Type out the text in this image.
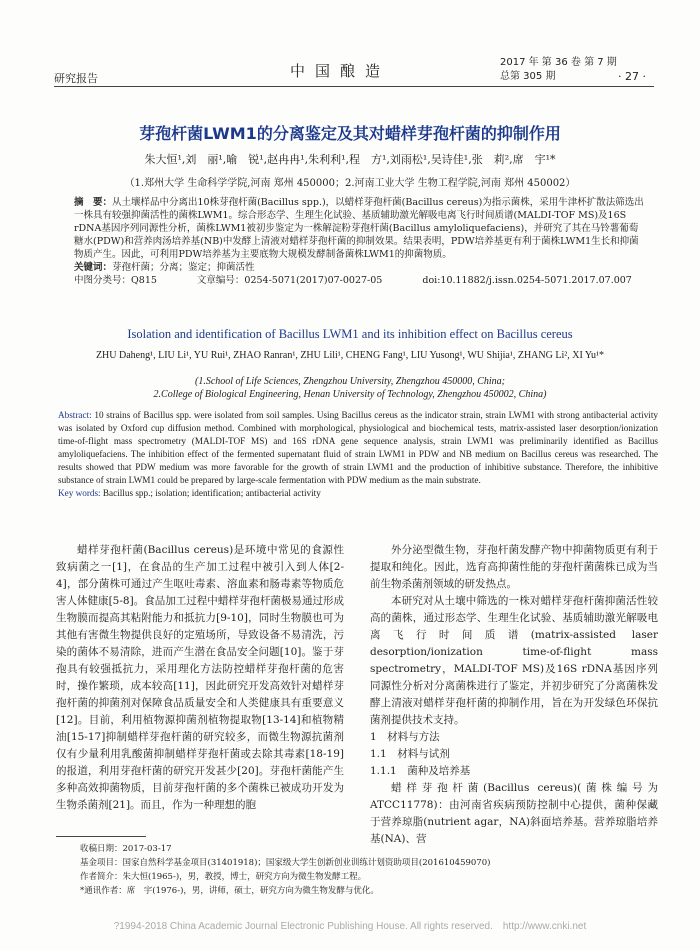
研究报告	中国酿造	2017 年 第 36 卷 第 7 期
总第 305 期	· 27 ·
芽孢杆菌LWM1的分离鉴定及其对蜡样芽孢杆菌的抑制作用
朱大恒¹,刘　丽¹,喻　锐¹,赵冉冉¹,朱利利¹,程　方¹,刘雨松¹,吴诗佳¹,张　莉²,席　宇¹*
（1.郑州大学 生命科学学院,河南 郑州 450000；2.河南工业大学 生物工程学院,河南 郑州 450002）
摘　要：从土壤样品中分离出10株芽孢杆菌(Bacillus spp.)，以蜡样芽孢杆菌(Bacillus cereus)为指示菌株，采用牛津杯扩散法筛选出一株具有较强抑菌活性的菌株LWM1。综合形态学、生理生化试验、基质辅助激光解吸电离飞行时间质谱(MALDI-TOF MS)及16S rDNA基因序列同源性分析，菌株LWM1被初步鉴定为一株解淀粉芽孢杆菌(Bacillus amyloliquefaciens)，并研究了其在马铃薯葡萄糖水(PDW)和营养肉汤培养基(NB)中发酵上清液对蜡样芽孢杆菌的抑制效果。结果表明，PDW培养基更有利于菌株LWM1生长和抑菌物质产生。因此，可利用PDW培养基为主要底物大规模发酵制备菌株LWM1的抑菌物质。
关键词：芽孢杆菌；分离；鉴定；抑菌活性
中图分类号：Q815	文章编号：0254-5071(2017)07-0027-05	doi:10.11882/j.issn.0254-5071.2017.07.007
Isolation and identification of Bacillus LWM1 and its inhibition effect on Bacillus cereus
ZHU Daheng¹, LIU Li¹, YU Rui¹, ZHAO Ranran¹, ZHU Lili¹, CHENG Fang¹, LIU Yusong¹, WU Shijia¹, ZHANG Li², XI Yu¹*
(1.School of Life Sciences, Zhengzhou University, Zhengzhou 450000, China;
2.College of Biological Engineering, Henan University of Technology, Zhengzhou 450002, China)
Abstract: 10 strains of Bacillus spp. were isolated from soil samples. Using Bacillus cereus as the indicator strain, strain LWM1 with strong antibacterial activity was isolated by Oxford cup diffusion method. Combined with morphological, physiological and biochemical tests, matrix-assisted laser desorption/ionization time-of-flight mass spectrometry (MALDI-TOF MS) and 16S rDNA gene sequence analysis, strain LWM1 was preliminarily identified as Bacillus amyloliquefaciens. The inhibition effect of the fermented supernatant fluid of strain LWM1 in PDW and NB medium on Bacillus cereus was researched. The results showed that PDW medium was more favorable for the growth of strain LWM1 and the production of inhibitive substance. Therefore, the inhibitive substance of strain LWM1 could be prepared by large-scale fermentation with PDW medium as the main substrate.
Key words: Bacillus spp.; isolation; identification; antibacterial activity

蜡样芽孢杆菌(Bacillus cereus)是环境中常见的食源性致病菌之一[1]，在食品的生产加工过程中被引入到人体[2-4]，部分菌株可通过产生呕吐毒素、溶血素和肠毒素等物质危害人体健康[5-8]。食品加工过程中蜡样芽孢杆菌极易通过形成生物膜而提高其粘附能力和抵抗力[9-10]，同时生物膜也可为其他有害微生物提供良好的定殖场所，导致设备不易清洗，污染的菌体不易清除，进而产生潜在食品安全问题[10]。鉴于芽孢具有较强抵抗力，采用理化方法防控蜡样芽孢杆菌的危害时，操作繁琐，成本较高[11]，因此研究开发高效针对蜡样芽孢杆菌的抑菌剂对保障食品质量安全和人类健康具有重要意义[12]。目前，利用植物源抑菌剂植物提取物[13-14]和植物精油[15-17]抑制蜡样芽孢杆菌的研究较多，而微生物源抗菌剂仅有少量利用乳酸菌抑制蜡样芽孢杆菌或去除其毒素[18-19]的报道，利用芽孢杆菌的研究开发甚少[20]。芽孢杆菌能产生多种高效抑菌物质，目前芽孢杆菌的多个菌株已被成功开发为生物杀菌剂[21]。而且，作为一种理想的胞

外分泌型微生物，芽孢杆菌发酵产物中抑菌物质更有利于提取和纯化。因此，选育高抑菌性能的芽孢杆菌菌株已成为当前生物杀菌剂领域的研发热点。

本研究对从土壤中筛选的一株对蜡样芽孢杆菌抑菌活性较高的菌株，通过形态学、生理生化试验、基质辅助激光解吸电离飞行时间质谱(matrix-assisted laser desorption/ionization time-of-flight mass spectrometry，MALDI-TOF MS)及16S rDNA基因序列同源性分析对分离菌株进行了鉴定，并初步研究了分离菌株发酵上清液对蜡样芽孢杆菌的抑制作用，旨在为开发绿色环保抗菌剂提供技术支持。

1　材料与方法

1.1　材料与试剂

1.1.1　菌种及培养基

蜡样芽孢杆菌(Bacillus cereus)(菌株编号为ATCC11778)：由河南省疾病预防控制中心提供，菌种保藏于营养琼脂(nutrient agar，NA)斜面培养基。营养琼脂培养基(NA)、营

收稿日期：2017-03-17
基金项目：国家自然科学基金项目(31401918)；国家级大学生创新创业训练计划资助项目(201610459070)
作者简介：朱大恒(1965-)，男，教授，博士，研究方向为微生物发酵工程。
*通讯作者：席　宇(1976-)，男，讲师，硕士，研究方向为微生物发酵与优化。
?1994-2018 China Academic Journal Electronic Publishing House. All rights reserved.　http://www.cnki.net
